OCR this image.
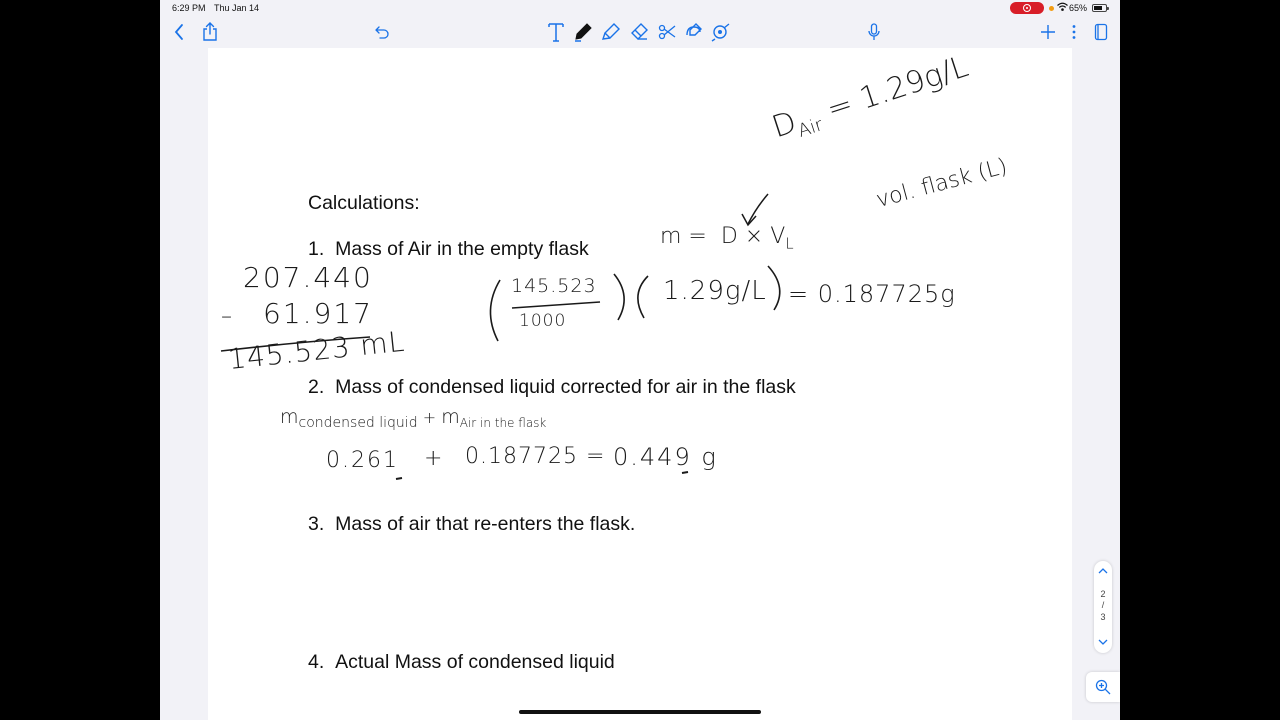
6:29 PM Thu Jan 14	65%
Calculations:
1. Mass of Air in the empty flask
2. Mass of condensed liquid corrected for air in the flask
3. Mass of air that re-enters the flask.
4. Actual Mass of condensed liquid
$D_{Air} = 1.29g/L$
$m = D \times V_L$
vol. flask (L)
207.440
– 61.917
145.523 mL
145.523
1000
1.29g/L = 0.187725g
$m_{condensed liquid} + m_{Air in the flask}$
0.261 + 0.187725 = 0.449 g
2
/
3
